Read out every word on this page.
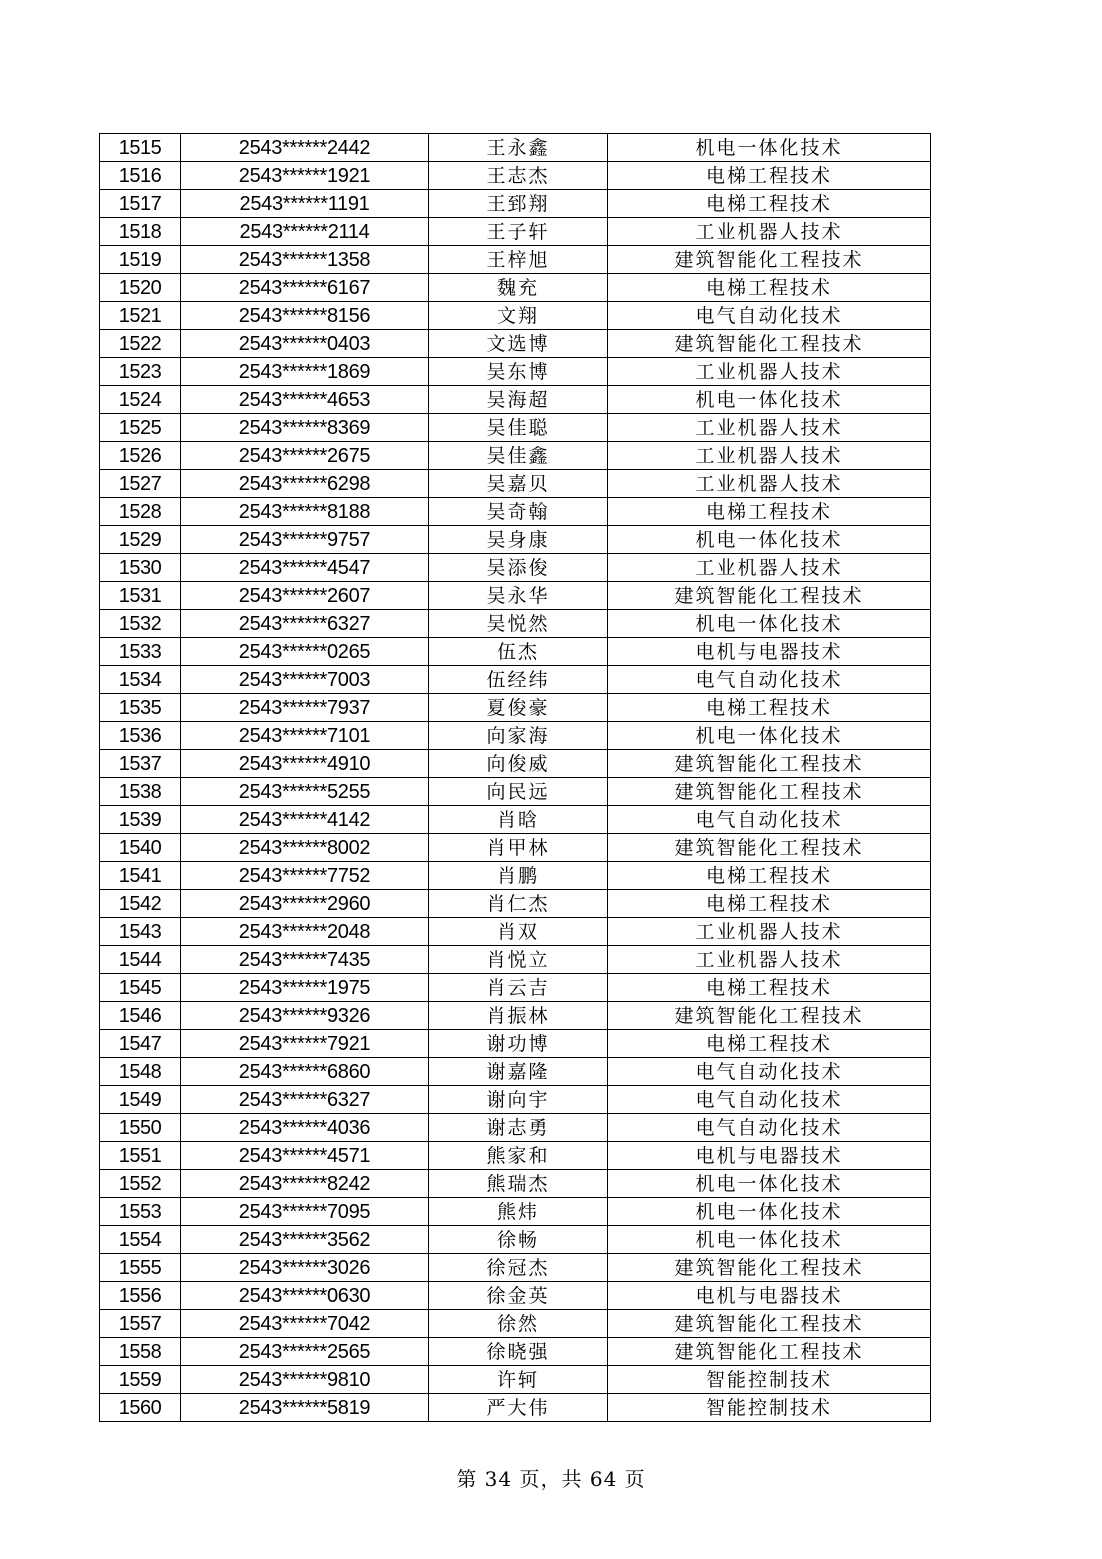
1515	2543******2442	王永鑫	机电一体化技术
1516	2543******1921	王志杰	电梯工程技术
1517	2543******1191	王郅翔	电梯工程技术
1518	2543******2114	王子轩	工业机器人技术
1519	2543******1358	王梓旭	建筑智能化工程技术
1520	2543******6167	魏充	电梯工程技术
1521	2543******8156	文翔	电气自动化技术
1522	2543******0403	文选博	建筑智能化工程技术
1523	2543******1869	吴东博	工业机器人技术
1524	2543******4653	吴海超	机电一体化技术
1525	2543******8369	吴佳聪	工业机器人技术
1526	2543******2675	吴佳鑫	工业机器人技术
1527	2543******6298	吴嘉贝	工业机器人技术
1528	2543******8188	吴奇翰	电梯工程技术
1529	2543******9757	吴身康	机电一体化技术
1530	2543******4547	吴添俊	工业机器人技术
1531	2543******2607	吴永华	建筑智能化工程技术
1532	2543******6327	吴悦然	机电一体化技术
1533	2543******0265	伍杰	电机与电器技术
1534	2543******7003	伍经纬	电气自动化技术
1535	2543******7937	夏俊豪	电梯工程技术
1536	2543******7101	向家海	机电一体化技术
1537	2543******4910	向俊威	建筑智能化工程技术
1538	2543******5255	向民远	建筑智能化工程技术
1539	2543******4142	肖晗	电气自动化技术
1540	2543******8002	肖甲林	建筑智能化工程技术
1541	2543******7752	肖鹏	电梯工程技术
1542	2543******2960	肖仁杰	电梯工程技术
1543	2543******2048	肖双	工业机器人技术
1544	2543******7435	肖悦立	工业机器人技术
1545	2543******1975	肖云吉	电梯工程技术
1546	2543******9326	肖振林	建筑智能化工程技术
1547	2543******7921	谢功博	电梯工程技术
1548	2543******6860	谢嘉隆	电气自动化技术
1549	2543******6327	谢向宇	电气自动化技术
1550	2543******4036	谢志勇	电气自动化技术
1551	2543******4571	熊家和	电机与电器技术
1552	2543******8242	熊瑞杰	机电一体化技术
1553	2543******7095	熊炜	机电一体化技术
1554	2543******3562	徐畅	机电一体化技术
1555	2543******3026	徐冠杰	建筑智能化工程技术
1556	2543******0630	徐金英	电机与电器技术
1557	2543******7042	徐然	建筑智能化工程技术
1558	2543******2565	徐晓强	建筑智能化工程技术
1559	2543******9810	许轲	智能控制技术
1560	2543******5819	严大伟	智能控制技术
第 34 页，共 64 页
